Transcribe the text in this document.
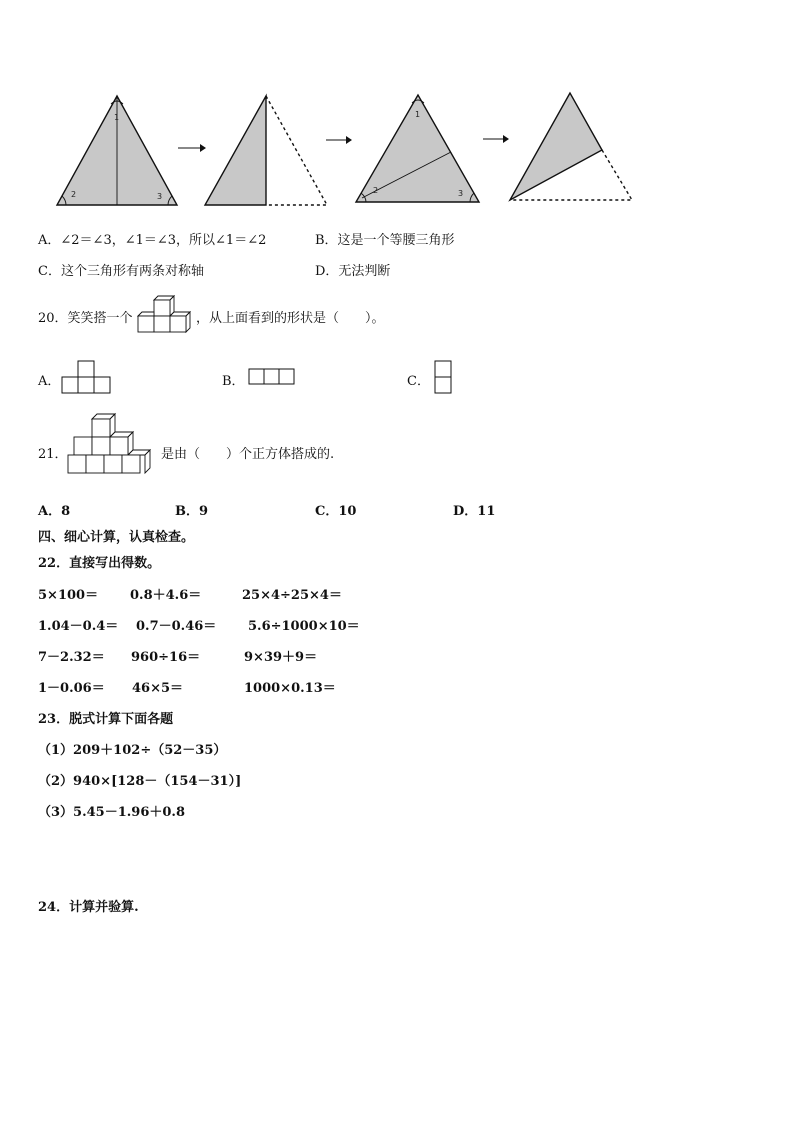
1
2	3
1
2	3
A．∠2＝∠3，∠1＝∠3，所以∠1＝∠2	B．这是一个等腰三角形
C．这个三角形有两条对称轴	D．无法判断
20．笑笑搭一个	，从上面看到的形状是（　　）。
A．	B．	C．
21．	是由（　　）个正方体搭成的.
A．8	B．9	C．10	D．11
四、细心计算，认真检查。
22．直接写出得数。
5×100＝ 0.8＋4.6＝	25×4÷25×4＝
1.04－0.4＝ 0.7－0.46＝ 5.6÷1000×10＝
7－2.32＝ 960÷16＝	9×39＋9＝
1－0.06＝ 46×5＝	1000×0.13＝
23．脱式计算下面各题
（1）209＋102÷（52－35）
（2）940×[128－（154－31）]
（3）5.45－1.96＋0.8
24．计算并验算.
